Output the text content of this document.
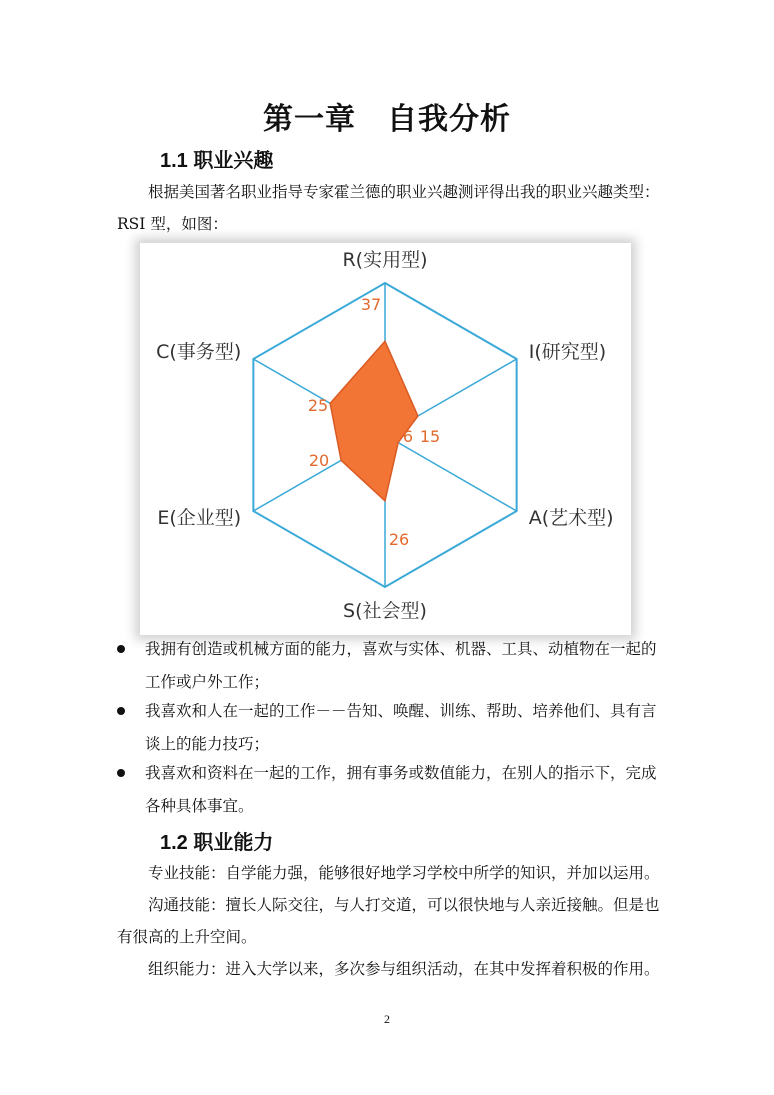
第一章　自我分析
1.1 职业兴趣
根据美国著名职业指导专家霍兰德的职业兴趣测评得出我的职业兴趣类型：
RSI 型，如图：
R(实用型)
I(研究型)
A(艺术型)
S(社会型)
E(企业型)
C(事务型)
37
15
6
26
20
25
我拥有创造或机械方面的能力，喜欢与实体、机器、工具、动植物在一起的
工作或户外工作；
我喜欢和人在一起的工作－－告知、唤醒、训练、帮助、培养他们、具有言
谈上的能力技巧；
我喜欢和资料在一起的工作，拥有事务或数值能力，在别人的指示下，完成
各种具体事宜。
1.2 职业能力
专业技能：自学能力强，能够很好地学习学校中所学的知识，并加以运用。
沟通技能：擅长人际交往，与人打交道，可以很快地与人亲近接触。但是也
有很高的上升空间。
组织能力：进入大学以来，多次参与组织活动，在其中发挥着积极的作用。
2
